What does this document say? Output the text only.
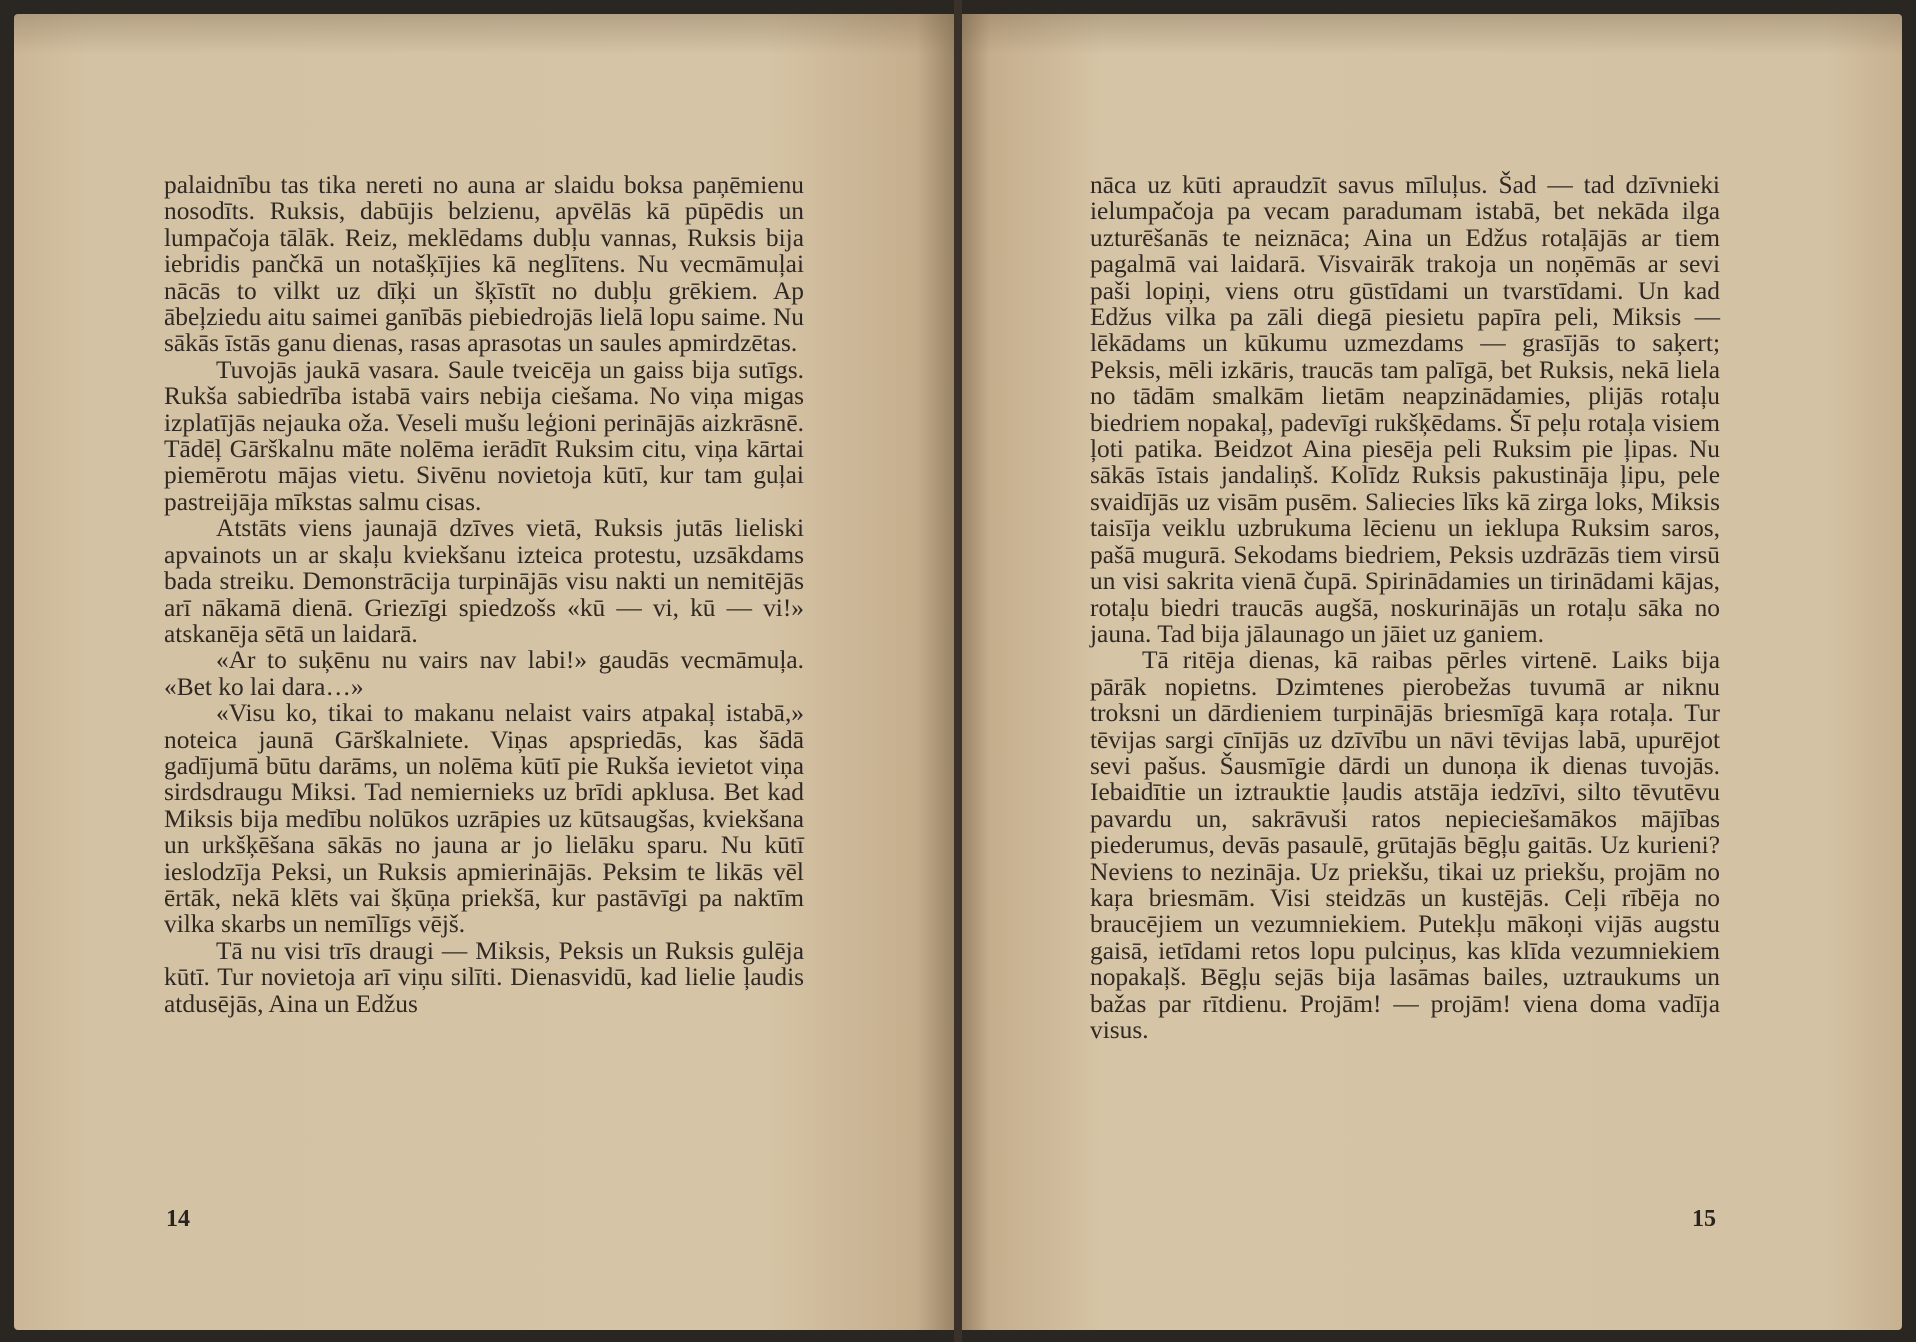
palaidnību tas tika nereti no auna ar slaidu boksa paņēmienu nosodīts. Ruksis, dabūjis belzienu, apvēlās kā pūpēdis un lumpačoja tālāk. Reiz, meklēdams dubļu vannas, Ruksis bija iebridis pančkā un notašķījies kā neglītens. Nu vecmāmuļai nācās to vilkt uz dīķi un šķīstīt no dubļu grēkiem. Ap ābeļziedu aitu saimei ganībās piebiedrojās lielā lopu saime. Nu sākās īstās ganu dienas, rasas aprasotas un saules apmirdzētas.

Tuvojās jaukā vasara. Saule tveicēja un gaiss bija sutīgs. Rukša sabiedrība istabā vairs nebija ciešama. No viņa migas izplatījās nejauka oža. Veseli mušu leģioni perinājās aizkrāsnē. Tādēļ Gārškalnu māte nolēma ierādīt Ruksim citu, viņa kārtai piemērotu mājas vietu. Sivēnu novietoja kūtī, kur tam guļai pastreijāja mīkstas salmu cisas.

Atstāts viens jaunajā dzīves vietā, Ruksis jutās lieliski apvainots un ar skaļu kviekšanu izteica protestu, uzsākdams bada streiku. Demonstrācija turpinājās visu nakti un nemitējās arī nākamā dienā. Griezīgi spiedzošs «kū — vi, kū — vi!» atskanēja sētā un laidarā.

«Ar to suķēnu nu vairs nav labi!» gaudās vecmāmuļa. «Bet ko lai dara…»

«Visu ko, tikai to makanu nelaist vairs atpakaļ istabā,» noteica jaunā Gārškalniete. Viņas apspriedās, kas šādā gadījumā būtu darāms, un nolēma kūtī pie Rukša ievietot viņa sirdsdraugu Miksi. Tad nemiernieks uz brīdi apklusa. Bet kad Miksis bija medību nolūkos uzrāpies uz kūtsaugšas, kviekšana un urkšķēšana sākās no jauna ar jo lielāku sparu. Nu kūtī ieslodzīja Peksi, un Ruksis apmierinājās. Peksim te likās vēl ērtāk, nekā klēts vai šķūņa priekšā, kur pastāvīgi pa naktīm vilka skarbs un nemīlīgs vējš.

Tā nu visi trīs draugi — Miksis, Peksis un Ruksis gulēja kūtī. Tur novietoja arī viņu silīti. Dienasvidū, kad lielie ļaudis atdusējās, Aina un Edžus

14

nāca uz kūti apraudzīt savus mīluļus. Šad — tad dzīvnieki ielumpačoja pa vecam paradumam istabā, bet nekāda ilga uzturēšanās te neiznāca; Aina un Edžus rotaļājās ar tiem pagalmā vai laidarā. Visvairāk trakoja un noņēmās ar sevi paši lopiņi, viens otru gūstīdami un tvarstīdami. Un kad Edžus vilka pa zāli diegā piesietu papīra peli, Miksis — lēkādams un kūkumu uzmezdams — grasījās to saķert; Peksis, mēli izkāris, traucās tam palīgā, bet Ruksis, nekā liela no tādām smalkām lietām neapzinādamies, plijās rotaļu biedriem nopakaļ, padevīgi rukšķēdams. Šī peļu rotaļa visiem ļoti patika. Beidzot Aina piesēja peli Ruksim pie ļipas. Nu sākās īstais jandaliņš. Kolīdz Ruksis pakustināja ļipu, pele svaidījās uz visām pusēm. Saliecies līks kā zirga loks, Miksis taisīja veiklu uzbrukuma lēcienu un ieklupa Ruksim saros, pašā mugurā. Sekodams biedriem, Peksis uzdrāzās tiem virsū un visi sakrita vienā čupā. Spirinādamies un tirinādami kājas, rotaļu biedri traucās augšā, noskurinājās un rotaļu sāka no jauna. Tad bija jālaunago un jāiet uz ganiem.

Tā ritēja dienas, kā raibas pērles virtenē. Laiks bija pārāk nopietns. Dzimtenes pierobežas tuvumā ar niknu troksni un dārdieniem turpinājās briesmīgā kaŗa rotaļa. Tur tēvijas sargi cīnījās uz dzīvību un nāvi tēvijas labā, upurējot sevi pašus. Šausmīgie dārdi un dunoņa ik dienas tuvojās. Iebaidītie un iztrauktie ļaudis atstāja iedzīvi, silto tēvutēvu pavardu un, sakrāvuši ratos nepieciešamākos mājības piederumus, devās pasaulē, grūtajās bēgļu gaitās. Uz kurieni? Neviens to nezināja. Uz priekšu, tikai uz priekšu, projām no kaŗa briesmām. Visi steidzās un kustējās. Ceļi rībēja no braucējiem un vezumniekiem. Putekļu mākoņi vijās augstu gaisā, ietīdami retos lopu pulciņus, kas klīda vezumniekiem nopakaļš. Bēgļu sejās bija lasāmas bailes, uztraukums un bažas par rītdienu. Projām! — projām! viena doma vadīja visus.

15
